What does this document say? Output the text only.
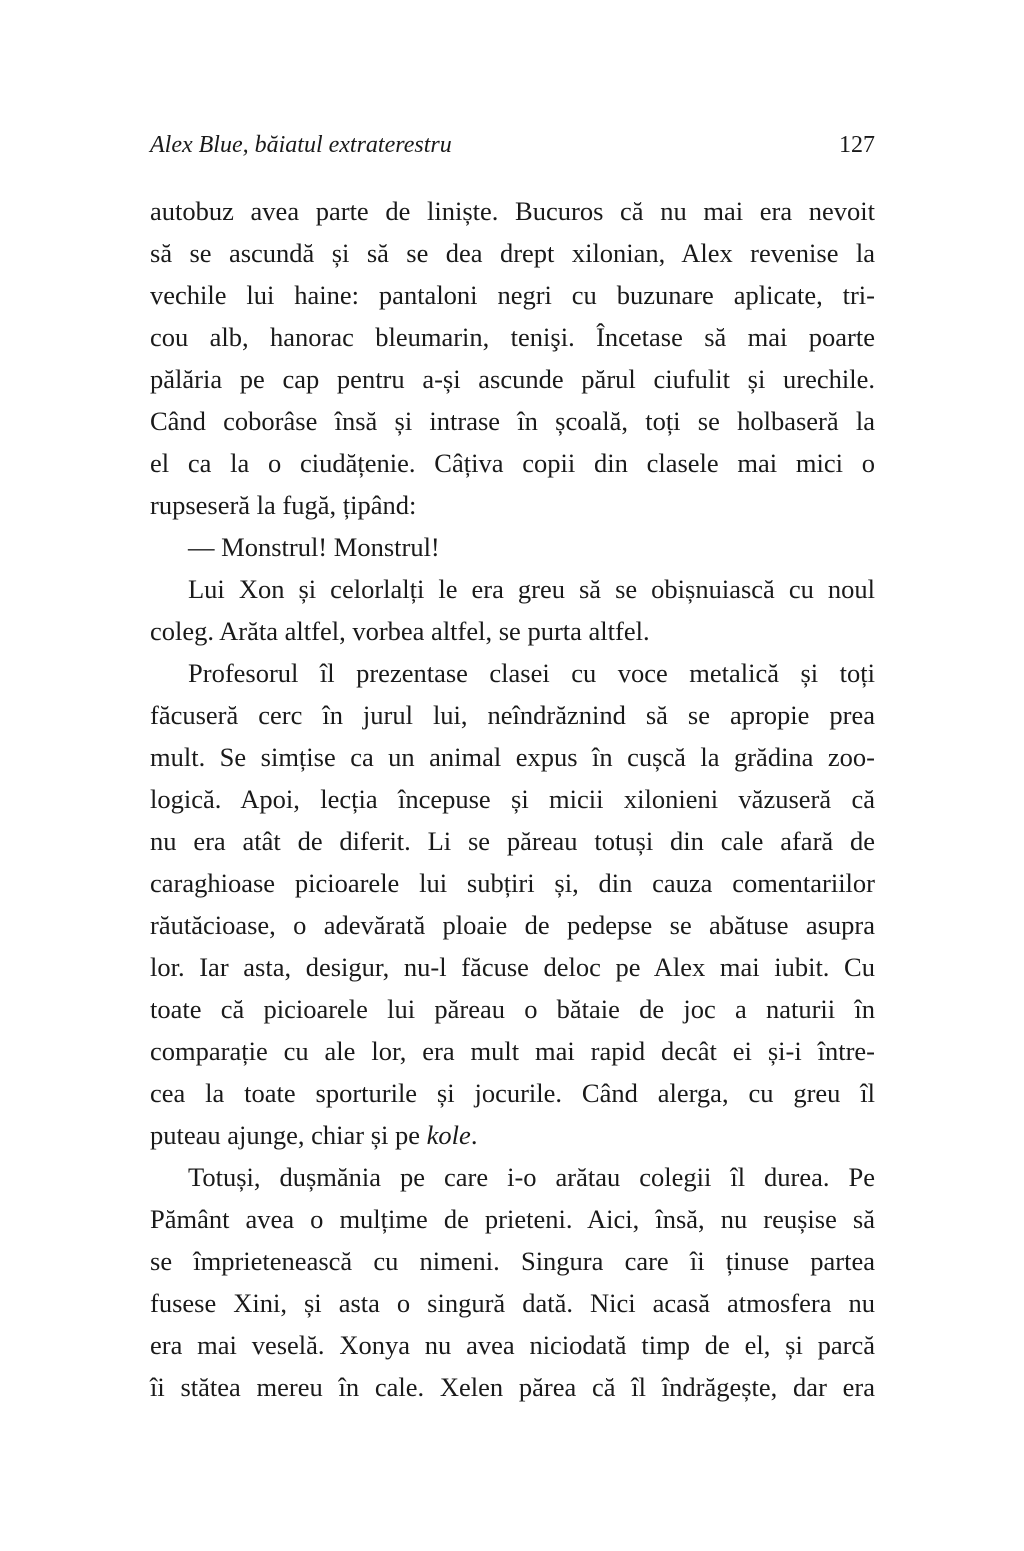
Alex Blue, băiatul extraterestru	127
autobuz avea parte de liniște. Bucuros că nu mai era nevoit
să se ascundă și să se dea drept xilonian, Alex revenise la
vechile lui haine: pantaloni negri cu buzunare aplicate, tri-
cou alb, hanorac bleumarin, tenişi. Încetase să mai poarte
pălăria pe cap pentru a-și ascunde părul ciufulit și urechile.
Când coborâse însă și intrase în școală, toți se holbaseră la
el ca la o ciudățenie. Câțiva copii din clasele mai mici o
rupseseră la fugă, țipând:
— Monstrul! Monstrul!
Lui Xon și celorlalți le era greu să se obișnuiască cu noul
coleg. Arăta altfel, vorbea altfel, se purta altfel.
Profesorul îl prezentase clasei cu voce metalică și toți
făcuseră cerc în jurul lui, neîndrăznind să se apropie prea
mult. Se simțise ca un animal expus în cușcă la grădina zoo-
logică. Apoi, lecția începuse și micii xilonieni văzuseră că
nu era atât de diferit. Li se păreau totuși din cale afară de
caraghioase picioarele lui subțiri și, din cauza comentariilor
răutăcioase, o adevărată ploaie de pedepse se abătuse asupra
lor. Iar asta, desigur, nu-l făcuse deloc pe Alex mai iubit. Cu
toate că picioarele lui păreau o bătaie de joc a naturii în
comparație cu ale lor, era mult mai rapid decât ei și-i între-
cea la toate sporturile și jocurile. Când alerga, cu greu îl
puteau ajunge, chiar și pe kole.
Totuși, dușmănia pe care i-o arătau colegii îl durea. Pe
Pământ avea o mulțime de prieteni. Aici, însă, nu reușise să
se împrietenească cu nimeni. Singura care îi ținuse partea
fusese Xini, și asta o singură dată. Nici acasă atmosfera nu
era mai veselă. Xonya nu avea niciodată timp de el, și parcă
îi stătea mereu în cale. Xelen părea că îl îndrăgește, dar era
